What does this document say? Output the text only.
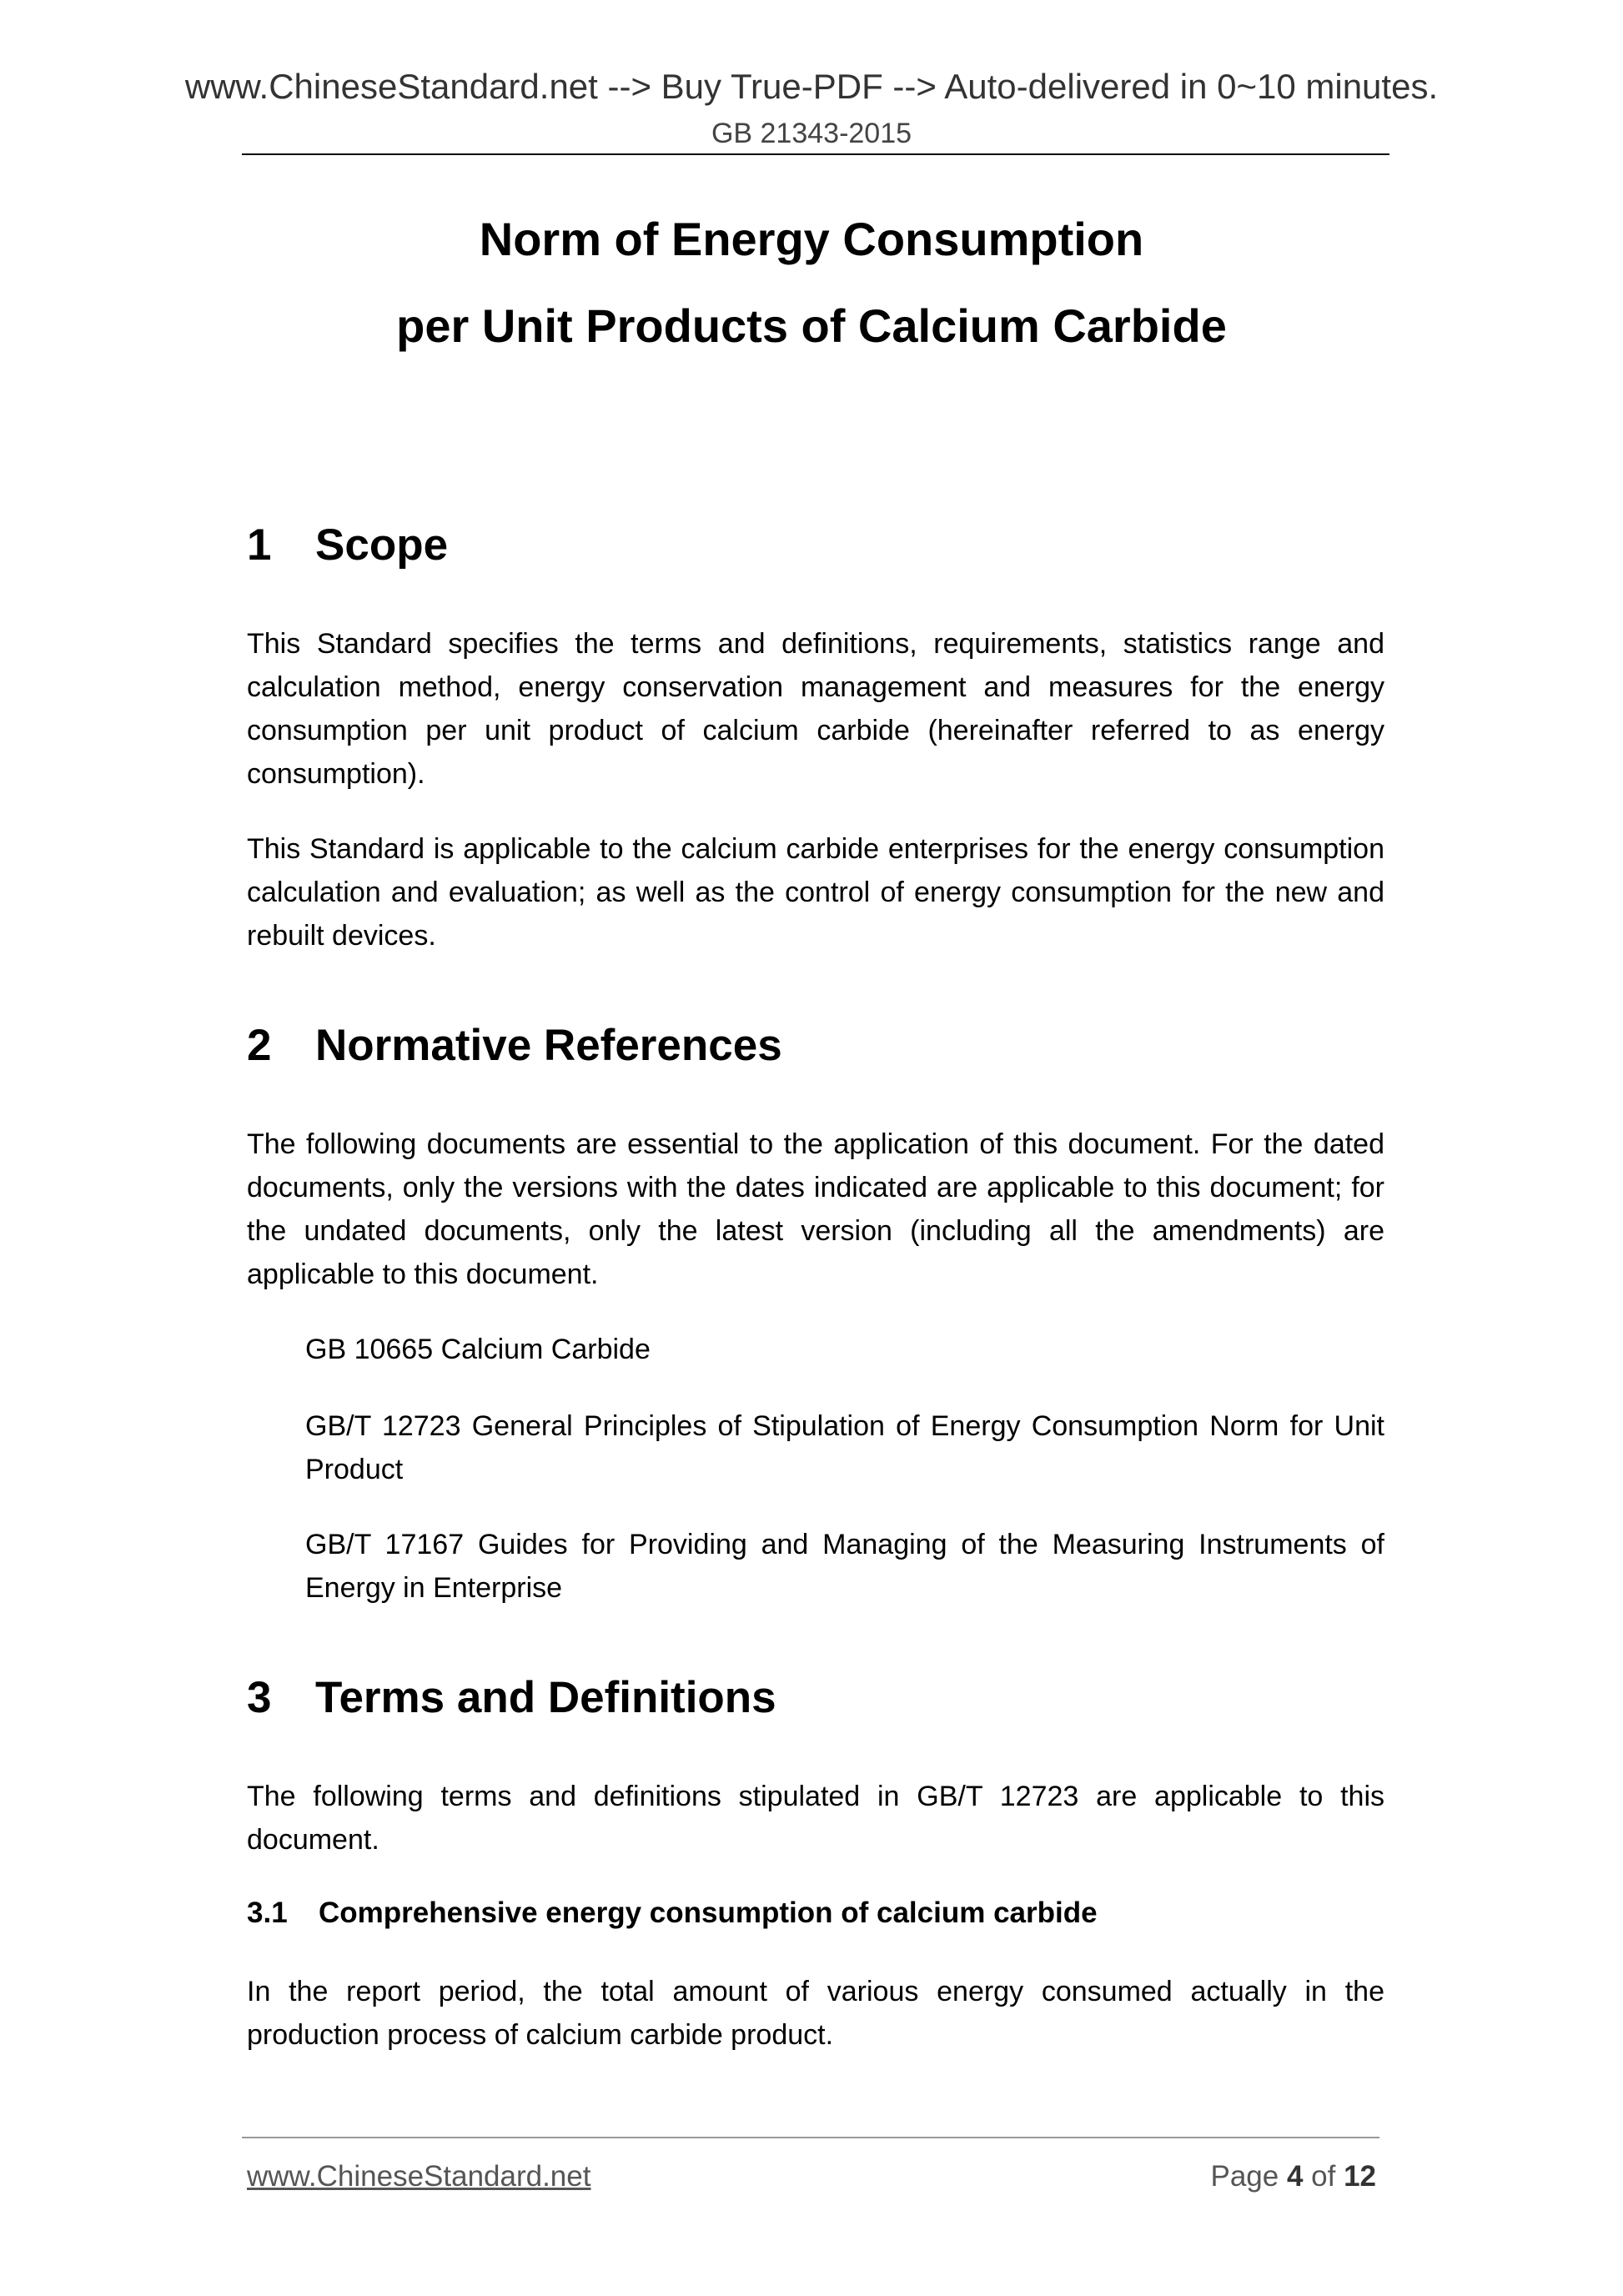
www.ChineseStandard.net --> Buy True-PDF --> Auto-delivered in 0~10 minutes.
GB 21343-2015
Norm of Energy Consumption
per Unit Products of Calcium Carbide
1 Scope
This Standard specifies the terms and definitions, requirements, statistics range and calculation method, energy conservation management and measures for the energy consumption per unit product of calcium carbide (hereinafter referred to as energy consumption).
This Standard is applicable to the calcium carbide enterprises for the energy consumption calculation and evaluation; as well as the control of energy consumption for the new and rebuilt devices.
2 Normative References
The following documents are essential to the application of this document. For the dated documents, only the versions with the dates indicated are applicable to this document; for the undated documents, only the latest version (including all the amendments) are applicable to this document.
GB 10665 Calcium Carbide
GB/T 12723 General Principles of Stipulation of Energy Consumption Norm for Unit Product
GB/T 17167 Guides for Providing and Managing of the Measuring Instruments of Energy in Enterprise
3 Terms and Definitions
The following terms and definitions stipulated in GB/T 12723 are applicable to this document.
3.1 Comprehensive energy consumption of calcium carbide
In the report period, the total amount of various energy consumed actually in the production process of calcium carbide product.
www.ChineseStandard.net	Page 4 of 12
